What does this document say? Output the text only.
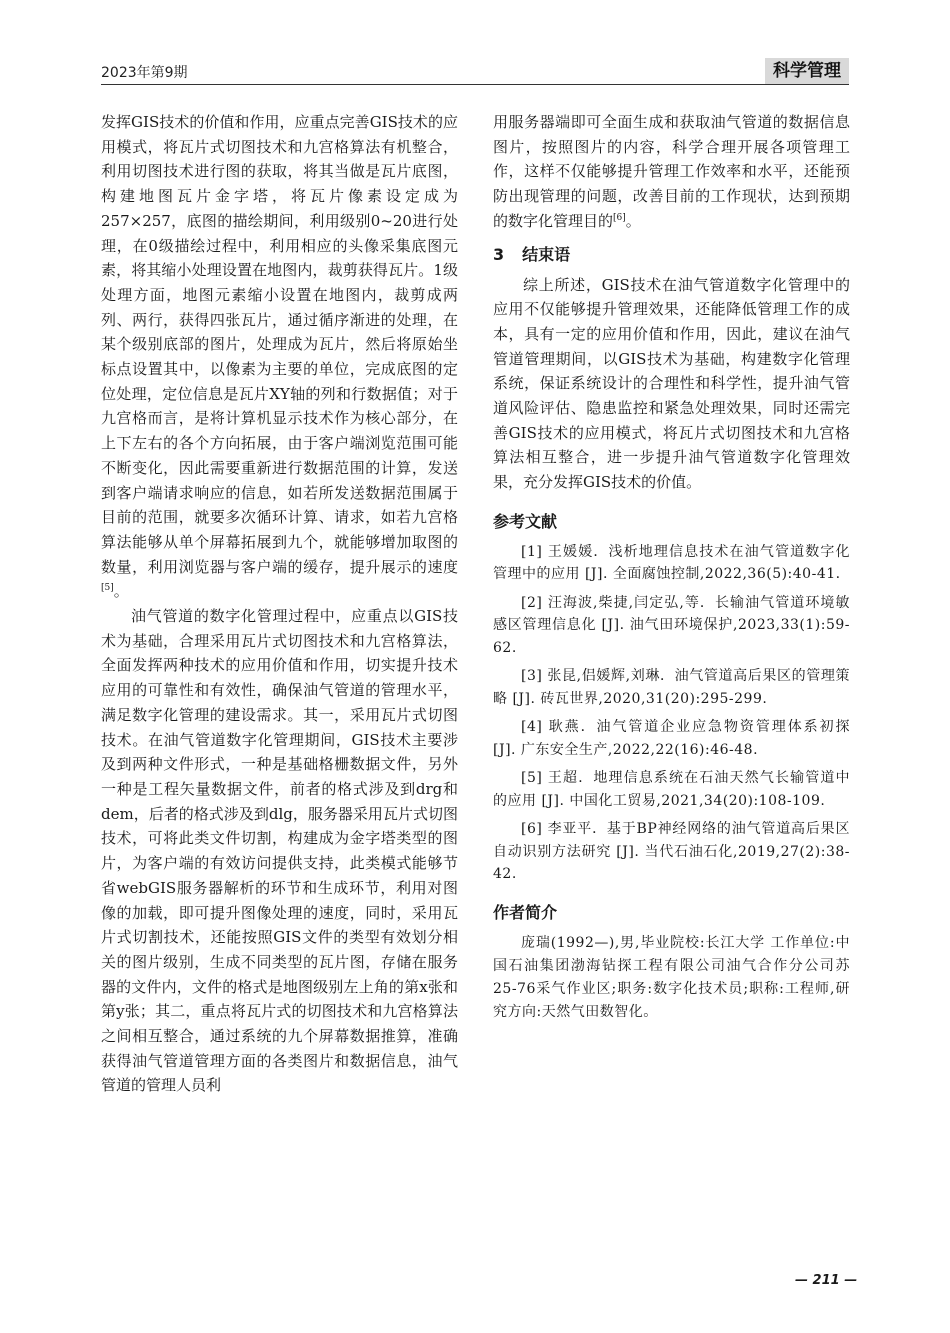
2023年第9期	科学管理

发挥GIS技术的价值和作用，应重点完善GIS技术的应用模式，将瓦片式切图技术和九宫格算法有机整合，利用切图技术进行图的获取，将其当做是瓦片底图，构建地图瓦片金字塔，将瓦片像素设定成为257×257，底图的描绘期间，利用级别0~20进行处理，在0级描绘过程中，利用相应的头像采集底图元素，将其缩小处理设置在地图内，裁剪获得瓦片。1级处理方面，地图元素缩小设置在地图内，裁剪成两列、两行，获得四张瓦片，通过循序渐进的处理，在某个级别底部的图片，处理成为瓦片，然后将原始坐标点设置其中，以像素为主要的单位，完成底图的定位处理，定位信息是瓦片XY轴的列和行数据值；对于九宫格而言，是将计算机显示技术作为核心部分，在上下左右的各个方向拓展，由于客户端浏览范围可能不断变化，因此需要重新进行数据范围的计算，发送到客户端请求响应的信息，如若所发送数据范围属于目前的范围，就要多次循环计算、请求，如若九宫格算法能够从单个屏幕拓展到九个，就能够增加取图的数量，利用浏览器与客户端的缓存，提升展示的速度[5]。

油气管道的数字化管理过程中，应重点以GIS技术为基础，合理采用瓦片式切图技术和九宫格算法，全面发挥两种技术的应用价值和作用，切实提升技术应用的可靠性和有效性，确保油气管道的管理水平，满足数字化管理的建设需求。其一，采用瓦片式切图技术。在油气管道数字化管理期间，GIS技术主要涉及到两种文件形式，一种是基础格栅数据文件，另外一种是工程矢量数据文件，前者的格式涉及到drg和dem，后者的格式涉及到dlg，服务器采用瓦片式切图技术，可将此类文件切割，构建成为金字塔类型的图片，为客户端的有效访问提供支持，此类模式能够节省webGIS服务器解析的环节和生成环节，利用对图像的加载，即可提升图像处理的速度，同时，采用瓦片式切割技术，还能按照GIS文件的类型有效划分相关的图片级别，生成不同类型的瓦片图，存储在服务器的文件内，文件的格式是地图级别左上角的第x张和第y张；其二，重点将瓦片式的切图技术和九宫格算法之间相互整合，通过系统的九个屏幕数据推算，准确获得油气管道管理方面的各类图片和数据信息，油气管道的管理人员利

用服务器端即可全面生成和获取油气管道的数据信息图片，按照图片的内容，科学合理开展各项管理工作，这样不仅能够提升管理工作效率和水平，还能预防出现管理的问题，改善目前的工作现状，达到预期的数字化管理目的[6]。

3 结束语

综上所述，GIS技术在油气管道数字化管理中的应用不仅能够提升管理效果，还能降低管理工作的成本，具有一定的应用价值和作用，因此，建议在油气管道管理期间，以GIS技术为基础，构建数字化管理系统，保证系统设计的合理性和科学性，提升油气管道风险评估、隐患监控和紧急处理效果，同时还需完善GIS技术的应用模式，将瓦片式切图技术和九宫格算法相互整合，进一步提升油气管道数字化管理效果，充分发挥GIS技术的价值。

参考文献

[1] 王媛媛．浅析地理信息技术在油气管道数字化管理中的应用 [J]. 全面腐蚀控制,2022,36(5):40-41.

[2] 汪海波,柴捷,闫定弘,等．长输油气管道环境敏感区管理信息化 [J]. 油气田环境保护,2023,33(1):59-62.

[3] 张昆,侣媛辉,刘琳．油气管道高后果区的管理策略 [J]. 砖瓦世界,2020,31(20):295-299.

[4] 耿燕．油气管道企业应急物资管理体系初探 [J]. 广东安全生产,2022,22(16):46-48.

[5] 王超．地理信息系统在石油天然气长输管道中的应用 [J]. 中国化工贸易,2021,34(20):108-109.

[6] 李亚平．基于BP神经网络的油气管道高后果区自动识别方法研究 [J]. 当代石油石化,2019,27(2):38-42.

作者简介

庞瑞(1992—),男,毕业院校:长江大学 工作单位:中国石油集团渤海钻探工程有限公司油气合作分公司苏25-76采气作业区;职务:数字化技术员;职称:工程师,研究方向:天然气田数智化。

— 211 —
